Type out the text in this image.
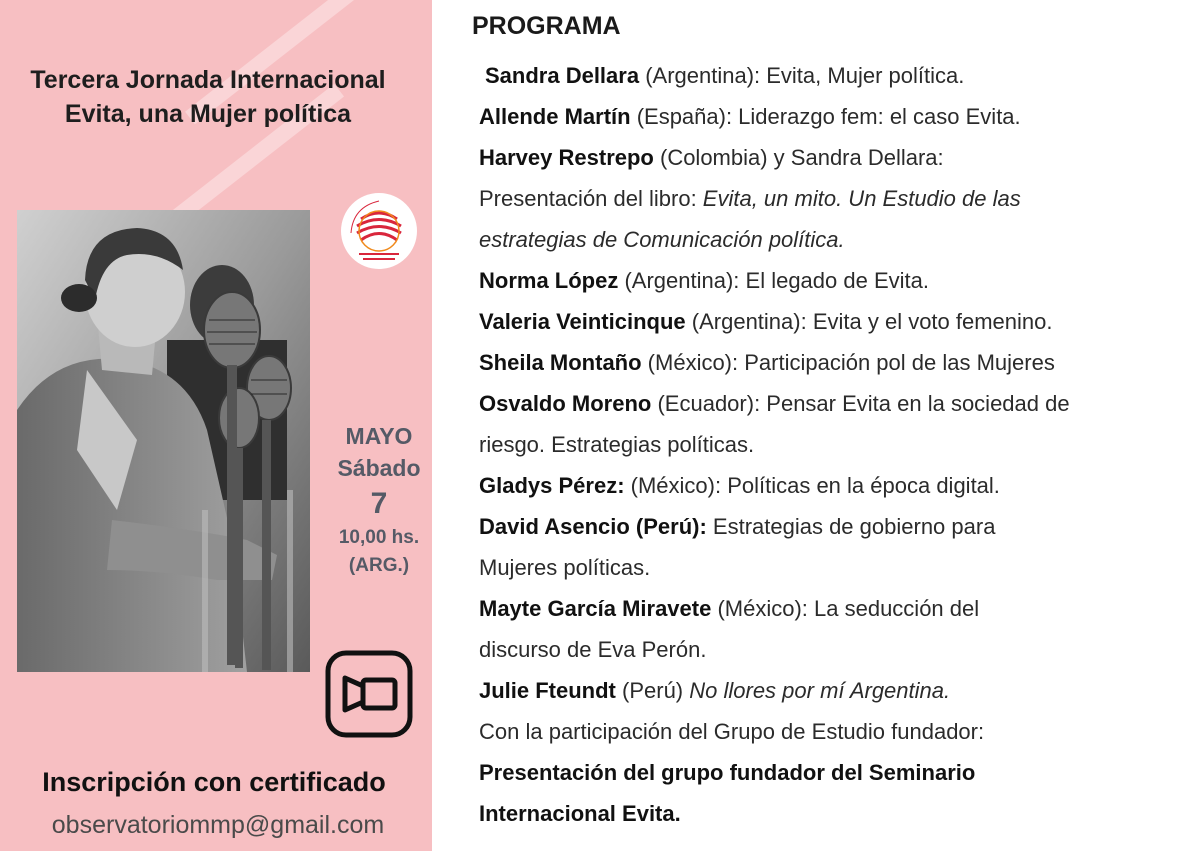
Tercera Jornada Internacional
Evita, una Mujer política
MAYO
Sábado
7
10,00 hs.
(ARG.)
Inscripción con certificado
observatoriommp@gmail.com
PROGRAMA
Sandra Dellara (Argentina): Evita, Mujer política.
Allende Martín (España): Liderazgo fem: el caso Evita.
Harvey Restrepo (Colombia) y Sandra Dellara:
Presentación del libro: Evita, un mito. Un Estudio de las
estrategias de Comunicación política.
Norma López (Argentina): El legado de Evita.
Valeria Veinticinque (Argentina): Evita y el voto femenino.
Sheila Montaño (México): Participación pol de las Mujeres
Osvaldo Moreno (Ecuador): Pensar Evita en la sociedad de
riesgo. Estrategias políticas.
Gladys Pérez: (México): Políticas en la época digital.
David Asencio (Perú): Estrategias de gobierno para
Mujeres políticas.
Mayte García Miravete (México): La seducción del
discurso de Eva Perón.
Julie Fteundt (Perú) No llores por mí Argentina.
Con la participación del Grupo de Estudio fundador:
Presentación del grupo fundador del Seminario
Internacional Evita.
